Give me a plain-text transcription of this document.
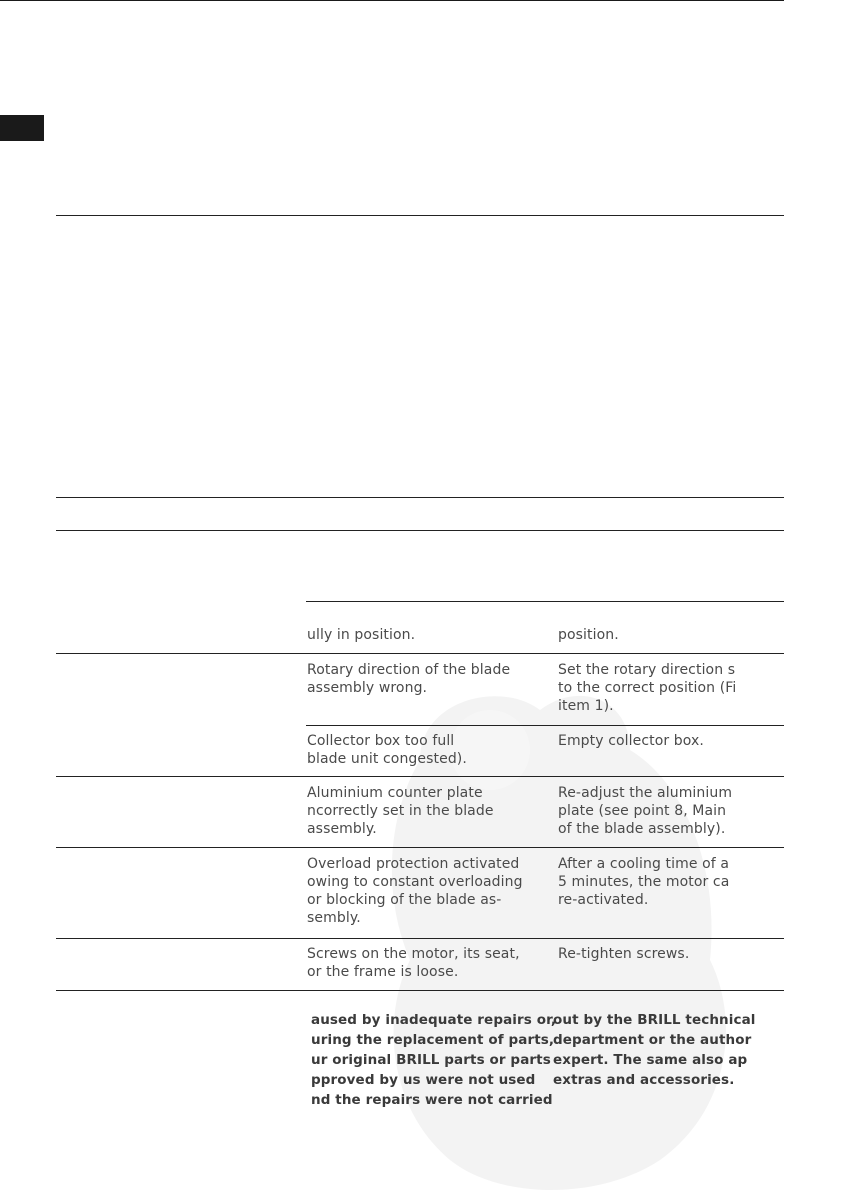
ully in position.	position.
Rotary direction of the blade
assembly wrong.
Set the rotary direction s
to the correct position (Fi
item 1).
Collector box too full
blade unit congested).
Empty collector box.
Aluminium counter plate
ncorrectly set in the blade
assembly.
Re-adjust the aluminium
plate (see point 8, Main
of the blade assembly).
Overload protection activated
owing to constant overloading
or blocking of the blade as-
sembly.
After a cooling time of a
5 minutes, the motor ca
re-activated.
Screws on the motor, its seat,
or the frame is loose.
Re-tighten screws.
aused by inadequate repairs or,
uring the replacement of parts,
ur original BRILL parts or parts
pproved by us were not used
nd the repairs were not carried
out by the BRILL technical
department or the author
expert. The same also ap
extras and accessories.
